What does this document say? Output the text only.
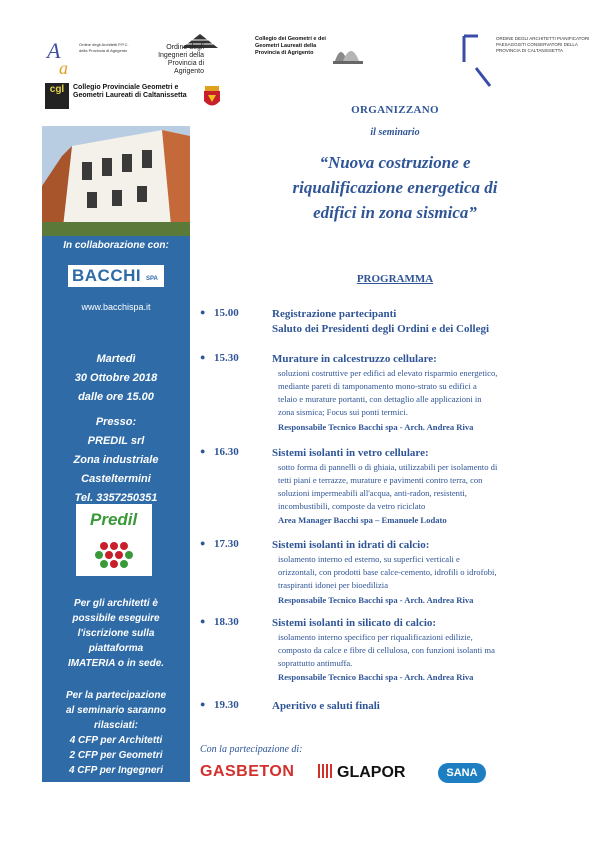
A
a
Ordine degli Architetti P.P.C. della Provincia di Agrigento	Ordine degli Ingegneri della Provincia di Agrigento
Collegio dei Geometri e dei Geometri Laureati della Provincia di Agrigento
ORDINE DEGLI ARCHITETTI PIANIFICATORI PAESAGGISTI CONSERVATORI DELLA PROVINCIA DI CALTANISSETTA
cgl	Collegio Provinciale Geometri e Geometri Laureati di Caltanissetta
In collaborazione con:
BACCHI SPA
www.bacchispa.it
Martedì
30 Ottobre 2018
dalle ore 15.00
Presso:
PREDIL srl
Zona industriale
Casteltermini
Tel. 3357250351
Predil
Per gli architetti è
possibile eseguire
l'iscrizione sulla
piattaforma
IMATERIA o in sede.
Per la partecipazione
al seminario saranno
rilasciati:
4 CFP per Architetti
2 CFP per Geometri
4 CFP per Ingegneri
ORGANIZZANO
il seminario
“Nuova costruzione e
riqualificazione energetica di
edifici in zona sismica”
PROGRAMMA
● 15.00	Registrazione partecipanti
Saluto dei Presidenti degli Ordini e dei Collegi
● 15.30	Murature in calcestruzzo cellulare:
soluzioni costruttive per edifici ad elevato risparmio energetico,
mediante pareti di tamponamento mono-strato su edifici a
telaio e murature portanti, con dettaglio alle applicazioni in
zona sismica; Focus sui ponti termici.
Responsabile Tecnico Bacchi spa - Arch. Andrea Riva
● 16.30	Sistemi isolanti in vetro cellulare:
sotto forma di pannelli o di ghiaia, utilizzabili per isolamento di
tetti piani e terrazze, murature e pavimenti contro terra, con
soluzioni impermeabili all'acqua, anti-radon, resistenti,
incombustibili, composte da vetro riciclato
Area Manager Bacchi spa – Emanuele Lodato
● 17.30	Sistemi isolanti in idrati di calcio:
isolamento interno ed esterno, su superfici verticali e
orizzontali, con prodotti base calce-cemento, idrofili o idrofobi,
traspiranti idonei per bioedilizia
Responsabile Tecnico Bacchi spa - Arch. Andrea Riva
● 18.30	Sistemi isolanti in silicato di calcio:
isolamento interno specifico per riqualificazioni edilizie,
composto da calce e fibre di cellulosa, con funzioni isolanti ma
soprattutto antimuffa.
Responsabile Tecnico Bacchi spa - Arch. Andrea Riva
● 19.30	Aperitivo e saluti finali
Con la partecipazione di:
GASBETON	GLAPOR	SANA
